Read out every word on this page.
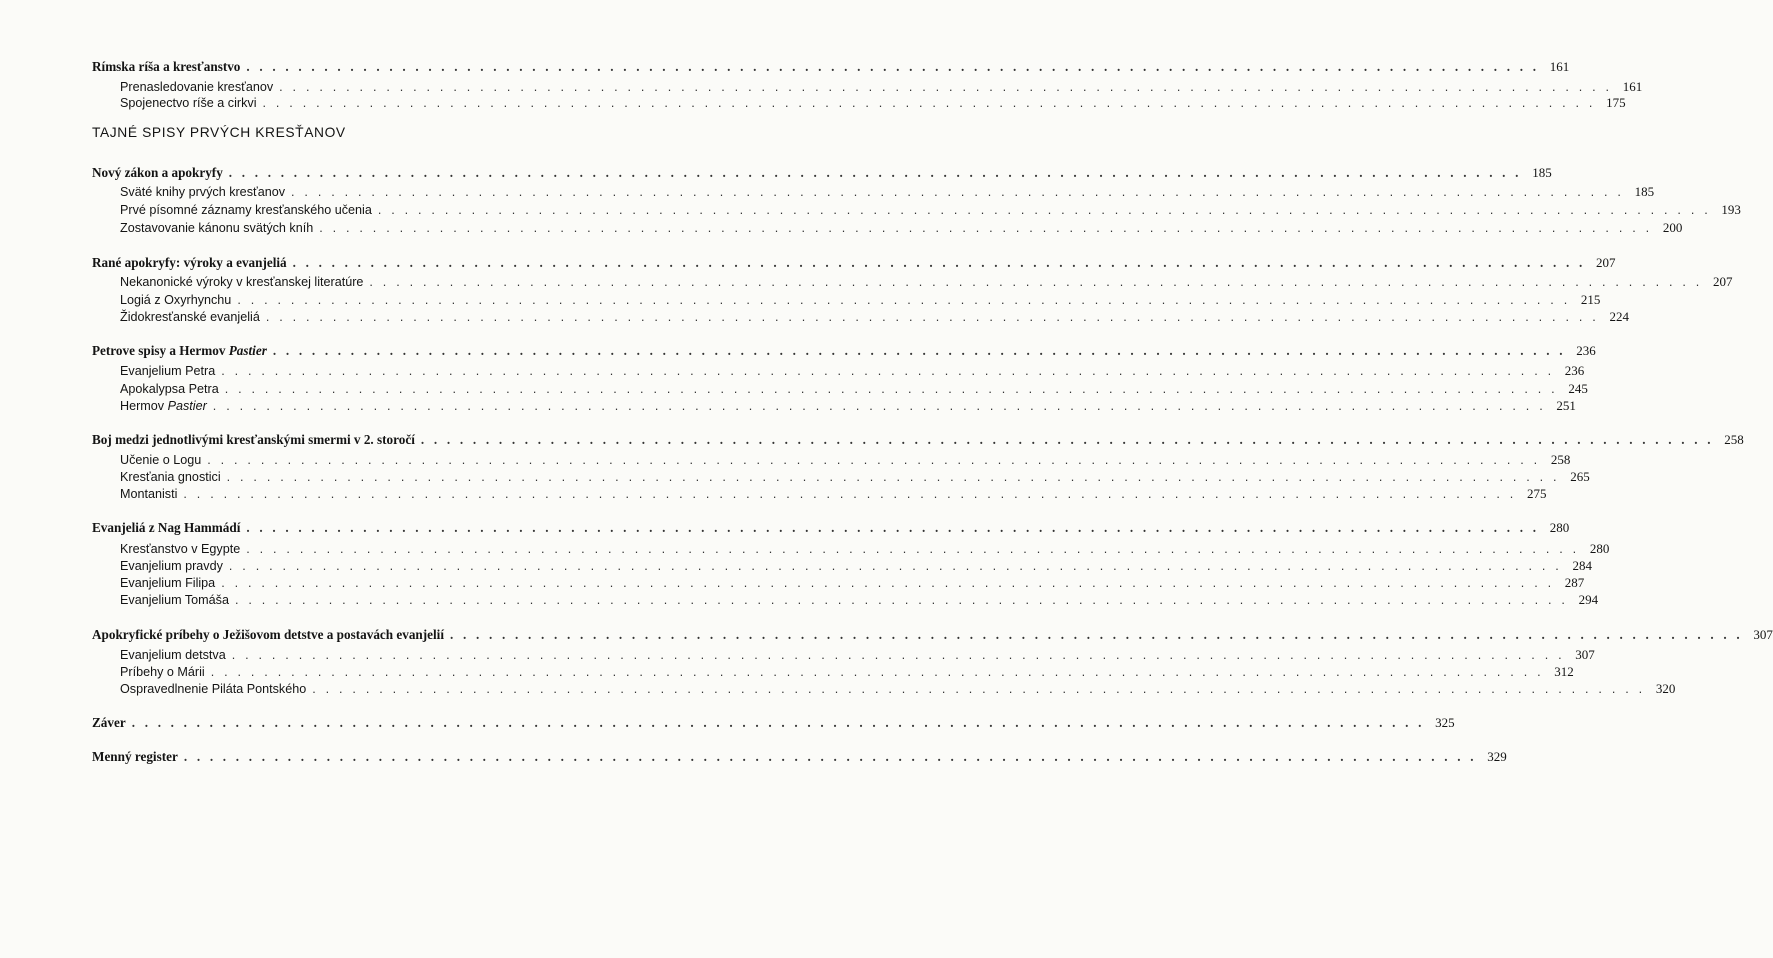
Rímska ríša a kresťanstvo . . .	161
Prenasledovanie kresťanov . . .	161
Spojenectvo ríše a cirkvi . . .	175
TAJNÉ SPISY PRVÝCH KRESŤANOV
Nový zákon a apokryfy . . .	185
Sväté knihy prvých kresťanov . . .	185
Prvé písomné záznamy kresťanského učenia . . .	193
Zostavovanie kánonu svätých kníh . . .	200
Rané apokryfy: výroky a evanjeliá . . .	207
Nekanonické výroky v kresťanskej literatúre . . .	207
Logiá z Oxyrhynchu . . .	215
Židokresťanské evanjeliá . . .	224
Petrove spisy a Hermov Pastier . . .	236
Evanjelium Petra . . .	236
Apokalypsa Petra . . .	245
Hermov Pastier . . .	251
Boj medzi jednotlivými kresťanskými smermi v 2. storočí . . .	258
Učenie o Logu . . .	258
Kresťania gnostici . . .	265
Montanisti . . .	275
Evanjeliá z Nag Hammádí . . .	280
Kresťanstvo v Egypte . . .	280
Evanjelium pravdy . . .	284
Evanjelium Filipa . . .	287
Evanjelium Tomáša . . .	294
Apokryfické príbehy o Ježišovom detstve a postavách evanjelií . . .	307
Evanjelium detstva . . .	307
Príbehy o Márii . . .	312
Ospravedlnenie Piláta Pontského . . .	320
Záver . . .	325
Menný register . . .	329
